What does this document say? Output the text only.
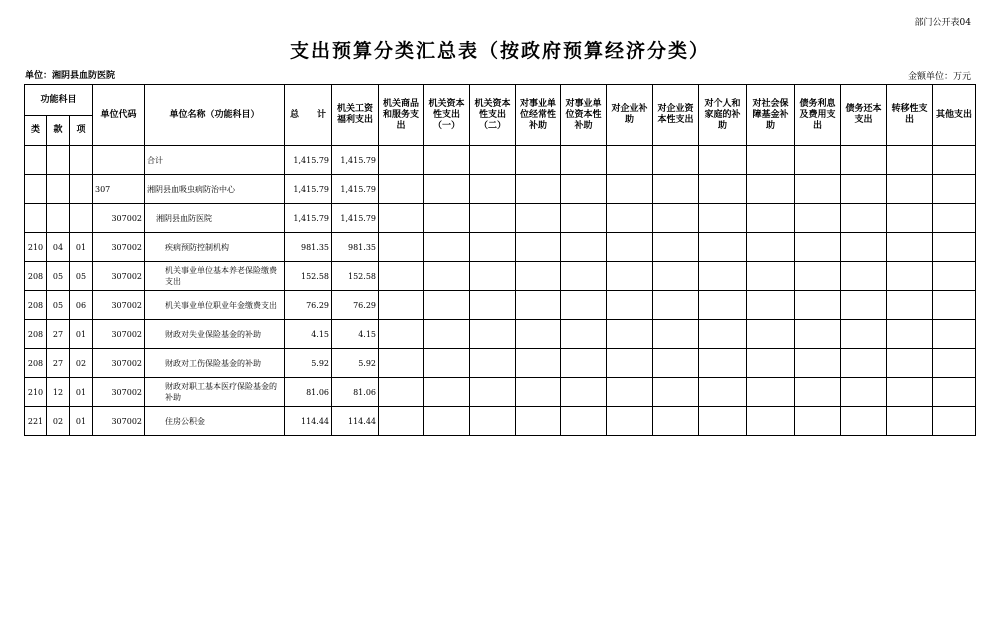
部门公开表04
支出预算分类汇总表（按政府预算经济分类）
单位：湘阴县血防医院	金额单位：万元
功能科目			单位代码	单位名称（功能科目）	总　　计	机关工资福利支出	机关商品和服务支出	机关资本性支出（一）	机关资本性支出（二）	对事业单位经常性补助	对事业单位资本性补助	对企业补助	对企业资本性支出	对个人和家庭的补助	对社会保障基金补助	债务利息及费用支出	债务还本支出	转移性支出	其他支出
类	款	项																	
				合计	1,415.79	1,415.79													
			307	湘阴县血吸虫病防治中心	1,415.79	1,415.79													
			307002	湘阴县血防医院	1,415.79	1,415.79													
210	04	01	307002	疾病预防控制机构	981.35	981.35													
208	05	05	307002	机关事业单位基本养老保险缴费支出	152.58	152.58													
208	05	06	307002	机关事业单位职业年金缴费支出	76.29	76.29													
208	27	01	307002	财政对失业保险基金的补助	4.15	4.15													
208	27	02	307002	财政对工伤保险基金的补助	5.92	5.92													
210	12	01	307002	财政对职工基本医疗保险基金的补助	81.06	81.06													
221	02	01	307002	住房公积金	114.44	114.44													
